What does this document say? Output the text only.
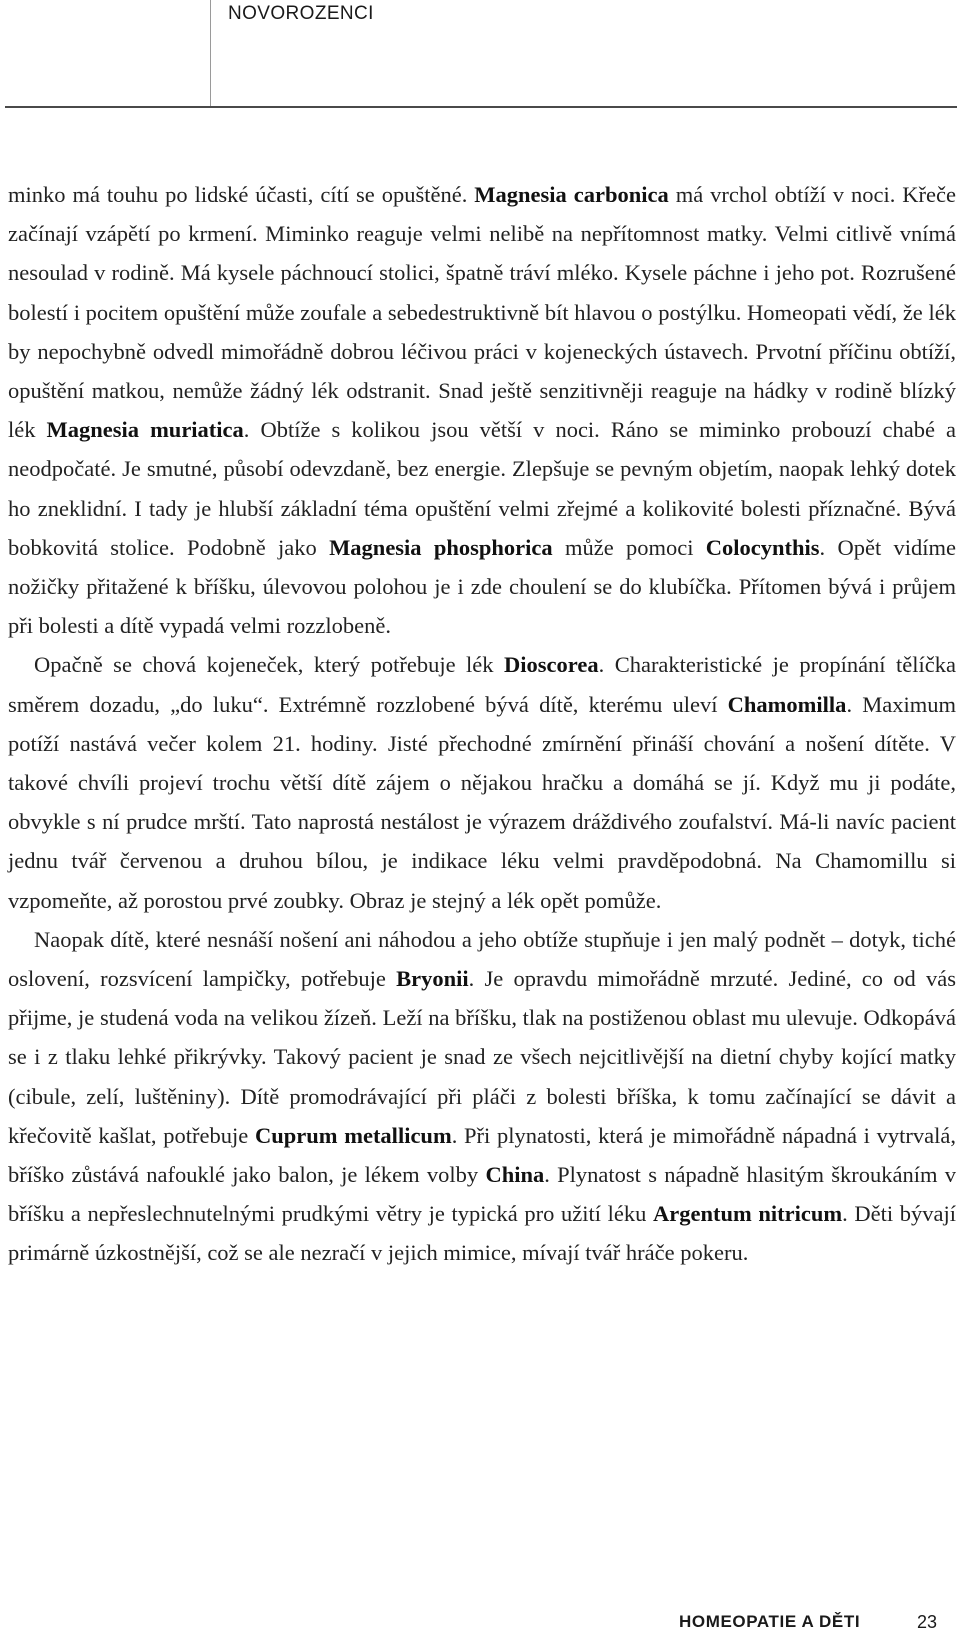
NOVOROZENCI

minko má touhu po lidské účasti, cítí se opuštěné. Magnesia carbonica má vrchol obtíží v noci. Křeče začínají vzápětí po krmení. Miminko reaguje velmi nelibě na nepřítomnost matky. Velmi citlivě vnímá nesoulad v rodině. Má kysele páchnoucí stolici, špatně tráví mléko. Kysele páchne i jeho pot. Rozrušené bolestí i pocitem opuštění může zoufale a sebedestruktivně bít hlavou o postýlku. Homeopati vědí, že lék by nepochybně odvedl mimořádně dobrou léčivou práci v kojeneckých ústavech. Prvotní příčinu obtíží, opuštění matkou, nemůže žádný lék odstranit. Snad ještě senzitivněji reaguje na hádky v rodině blízký lék Magnesia muriatica. Obtíže s kolikou jsou větší v noci. Ráno se miminko probouzí chabé a neodpočaté. Je smutné, působí odevzdaně, bez energie. Zlepšuje se pevným objetím, naopak lehký dotek ho zneklidní. I tady je hlubší základní téma opuštění velmi zřejmé a kolikovité bolesti příznačné. Bývá bobkovitá stolice. Podobně jako Magnesia phosphorica může pomoci Colocynthis. Opět vidíme nožičky přitažené k bříšku, úlevovou polohou je i zde choulení se do klubíčka. Přítomen bývá i průjem při bolesti a dítě vypadá velmi rozzlobeně.

Opačně se chová kojeneček, který potřebuje lék Dioscorea. Charakteristické je propínání tělíčka směrem dozadu, „do luku“. Extrémně rozzlobené bývá dítě, kterému uleví Chamomilla. Maximum potíží nastává večer kolem 21. hodiny. Jisté přechodné zmírnění přináší chování a nošení dítěte. V takové chvíli projeví trochu větší dítě zájem o nějakou hračku a domáhá se jí. Když mu ji podáte, obvykle s ní prudce mrští. Tato naprostá nestálost je výrazem dráždivého zoufalství. Má-li navíc pacient jednu tvář červenou a druhou bílou, je indikace léku velmi pravděpodobná. Na Chamomillu si vzpomeňte, až porostou prvé zoubky. Obraz je stejný a lék opět pomůže.

Naopak dítě, které nesnáší nošení ani náhodou a jeho obtíže stupňuje i jen malý podnět – dotyk, tiché oslovení, rozsvícení lampičky, potřebuje Bryonii. Je opravdu mimořádně mrzuté. Jediné, co od vás přijme, je studená voda na velikou žízeň. Leží na bříšku, tlak na postiženou oblast mu ulevuje. Odkopává se i z tlaku lehké přikrývky. Takový pacient je snad ze všech nejcitlivější na dietní chyby kojící matky (cibule, zelí, luštěniny). Dítě promodrávající při pláči z bolesti bříška, k tomu začínající se dávit a křečovitě kašlat, potřebuje Cuprum metallicum. Při plynatosti, která je mimořádně nápadná i vytrvalá, bříško zůstává nafouklé jako balon, je lékem volby China. Plynatost s nápadně hlasitým škroukáním v bříšku a nepřeslechnutelnými prudkými větry je typická pro užití léku Argentum nitricum. Děti bývají primárně úzkostnější, což se ale nezračí v jejich mimice, mívají tvář hráče pokeru.

HOMEOPATIE A DĚTI	23
